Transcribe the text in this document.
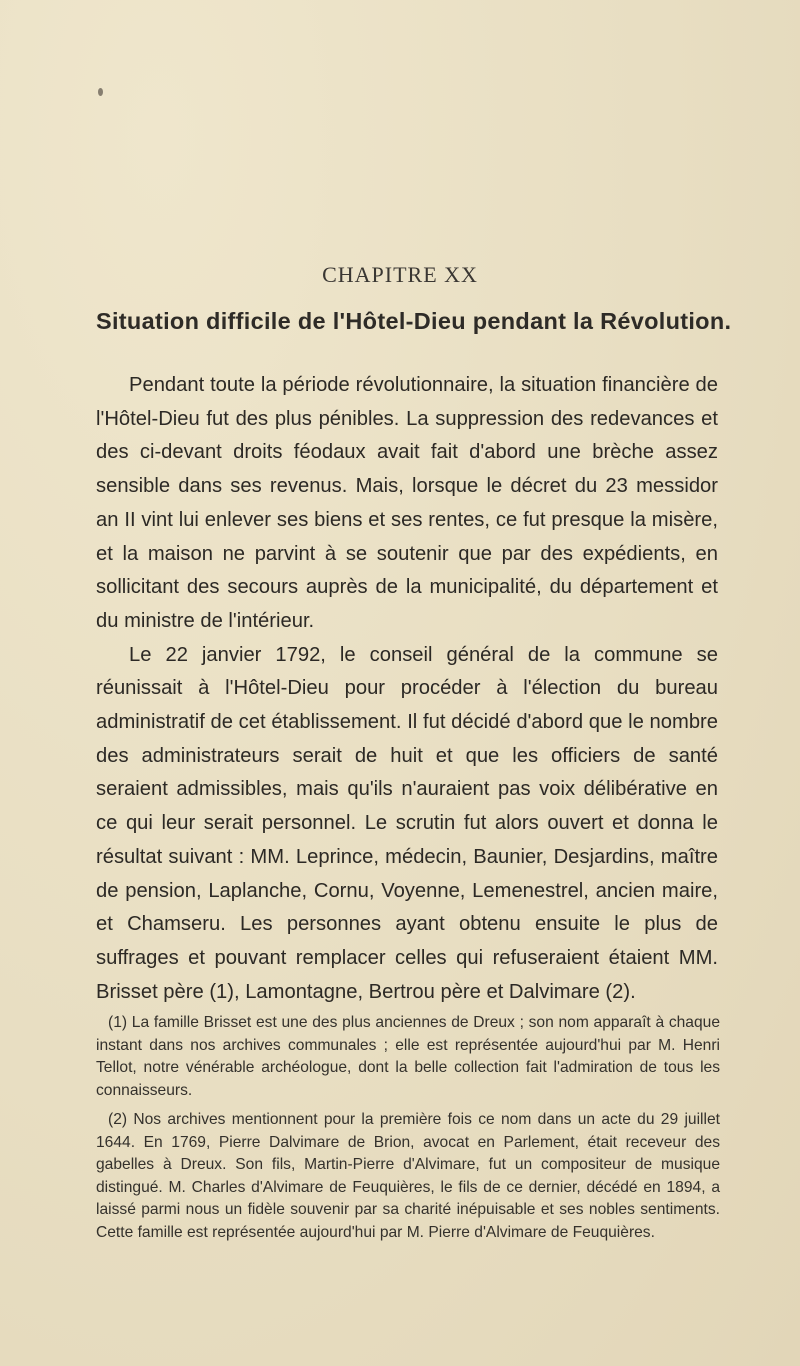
CHAPITRE XX
Situation difficile de l'Hôtel-Dieu pendant la Révolution.

Pendant toute la période révolutionnaire, la situation financière de l'Hôtel-Dieu fut des plus pénibles. La suppression des redevances et des ci-devant droits féodaux avait fait d'abord une brèche assez sensible dans ses revenus. Mais, lorsque le décret du 23 messidor an II vint lui enlever ses biens et ses rentes, ce fut presque la misère, et la maison ne parvint à se soutenir que par des expédients, en sollicitant des secours auprès de la municipalité, du département et du ministre de l'intérieur.

Le 22 janvier 1792, le conseil général de la commune se réunissait à l'Hôtel-Dieu pour procéder à l'élection du bureau administratif de cet établissement. Il fut décidé d'abord que le nombre des administrateurs serait de huit et que les officiers de santé seraient admissibles, mais qu'ils n'auraient pas voix délibérative en ce qui leur serait personnel. Le scrutin fut alors ouvert et donna le résultat suivant : MM. Leprince, médecin, Baunier, Desjardins, maître de pension, Laplanche, Cornu, Voyenne, Lemenestrel, ancien maire, et Chamseru. Les personnes ayant obtenu ensuite le plus de suffrages et pouvant remplacer celles qui refuseraient étaient MM. Brisset père (1), Lamontagne, Bertrou père et Dalvimare (2).

(1) La famille Brisset est une des plus anciennes de Dreux ; son nom apparaît à chaque instant dans nos archives communales ; elle est représentée aujourd'hui par M. Henri Tellot, notre vénérable archéologue, dont la belle collection fait l'admiration de tous les connaisseurs.

(2) Nos archives mentionnent pour la première fois ce nom dans un acte du 29 juillet 1644. En 1769, Pierre Dalvimare de Brion, avocat en Parlement, était receveur des gabelles à Dreux. Son fils, Martin-Pierre d'Alvimare, fut un compositeur de musique distingué. M. Charles d'Alvimare de Feuquières, le fils de ce dernier, décédé en 1894, a laissé parmi nous un fidèle souvenir par sa charité inépuisable et ses nobles sentiments. Cette famille est représentée aujourd'hui par M. Pierre d'Alvimare de Feuquières.
